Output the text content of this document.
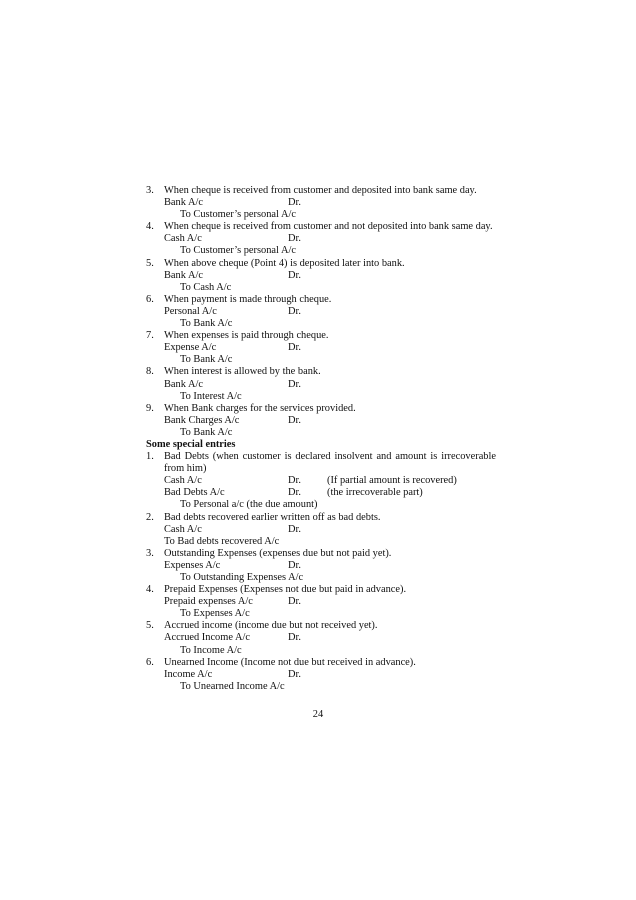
3. When cheque is received from customer and deposited into bank same day.
Bank A/c	Dr.
To Customer’s personal A/c
4. When cheque is received from customer and not deposited into bank same day.
Cash A/c	Dr.
To Customer’s personal A/c
5. When above cheque (Point 4) is deposited later into bank.
Bank A/c	Dr.
To Cash A/c
6. When payment is made through cheque.
Personal A/c	Dr.
To Bank A/c
7. When expenses is paid through cheque.
Expense A/c	Dr.
To Bank A/c
8. When interest is allowed by the bank.
Bank A/c	Dr.
To Interest A/c
9. When Bank charges for the services provided.
Bank Charges A/c	Dr.
To Bank A/c
Some special entries
1. Bad Debts (when customer is declared insolvent and amount is irrecoverable from him)
Cash A/c	Dr.	(If partial amount is recovered)
Bad Debts A/c	Dr.	(the irrecoverable part)
To Personal a/c (the due amount)
2. Bad debts recovered earlier written off as bad debts.
Cash A/c	Dr.
To Bad debts recovered A/c
3. Outstanding Expenses (expenses due but not paid yet).
Expenses A/c	Dr.
To Outstanding Expenses A/c
4. Prepaid Expenses (Expenses not due but paid in advance).
Prepaid expenses A/c	Dr.
To Expenses A/c
5. Accrued income (income due but not received yet).
Accrued Income A/c	Dr.
To Income A/c
6. Unearned Income (Income not due but received in advance).
Income A/c	Dr.
To Unearned Income A/c
24
